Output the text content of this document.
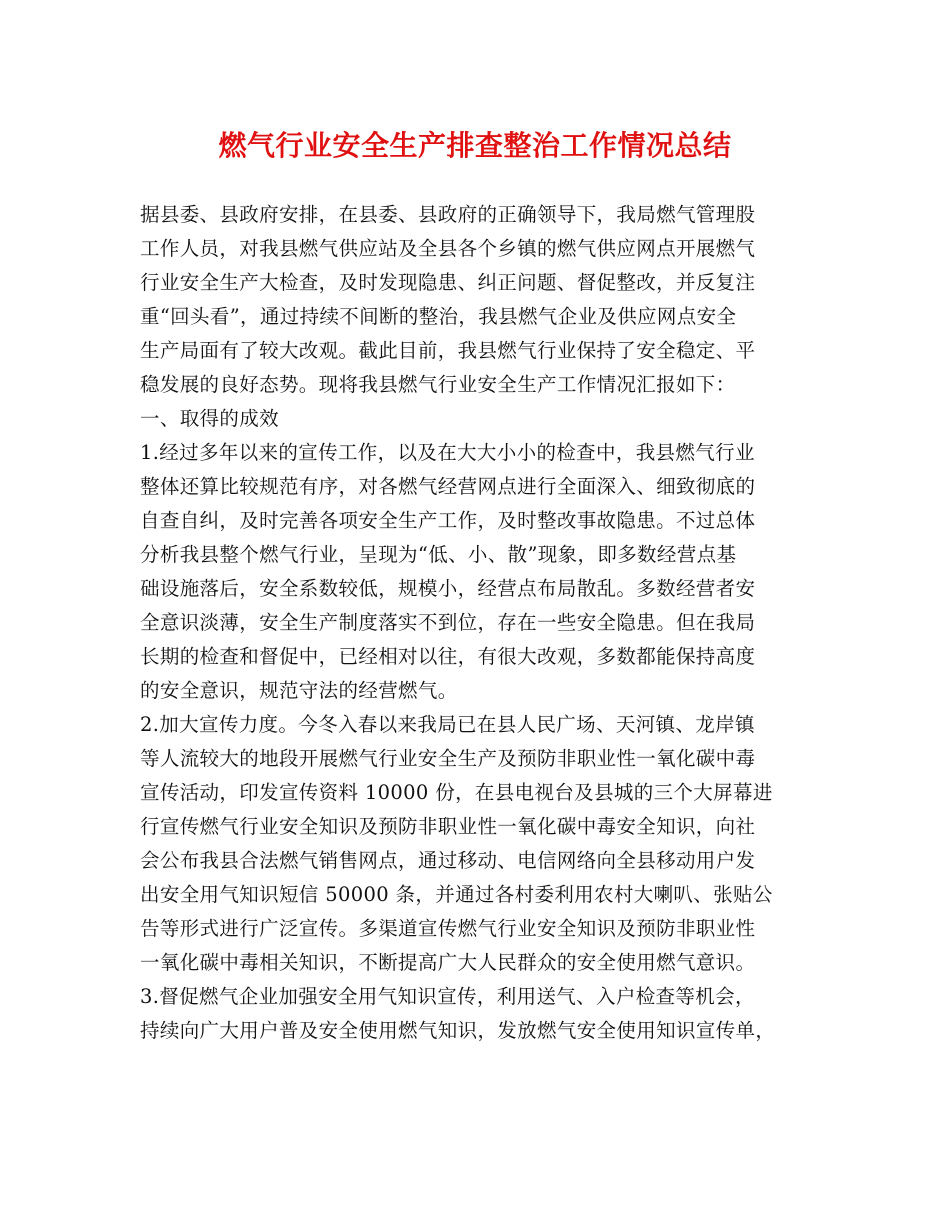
燃气行业安全生产排查整治工作情况总结
据县委、县政府安排，在县委、县政府的正确领导下，我局燃气管理股
工作人员，对我县燃气供应站及全县各个乡镇的燃气供应网点开展燃气
行业安全生产大检查，及时发现隐患、纠正问题、督促整改，并反复注
重“回头看”，通过持续不间断的整治，我县燃气企业及供应网点安全
生产局面有了较大改观。截此目前，我县燃气行业保持了安全稳定、平
稳发展的良好态势。现将我县燃气行业安全生产工作情况汇报如下：
一、取得的成效
1.经过多年以来的宣传工作，以及在大大小小的检查中，我县燃气行业
整体还算比较规范有序，对各燃气经营网点进行全面深入、细致彻底的
自查自纠，及时完善各项安全生产工作，及时整改事故隐患。不过总体
分析我县整个燃气行业，呈现为“低、小、散”现象，即多数经营点基
础设施落后，安全系数较低，规模小，经营点布局散乱。多数经营者安
全意识淡薄，安全生产制度落实不到位，存在一些安全隐患。但在我局
长期的检查和督促中，已经相对以往，有很大改观，多数都能保持高度
的安全意识，规范守法的经营燃气。
2.加大宣传力度。今冬入春以来我局已在县人民广场、天河镇、龙岸镇
等人流较大的地段开展燃气行业安全生产及预防非职业性一氧化碳中毒
宣传活动，印发宣传资料 10000 份，在县电视台及县城的三个大屏幕进
行宣传燃气行业安全知识及预防非职业性一氧化碳中毒安全知识，向社
会公布我县合法燃气销售网点，通过移动、电信网络向全县移动用户发
出安全用气知识短信 50000 条，并通过各村委利用农村大喇叭、张贴公
告等形式进行广泛宣传。多渠道宣传燃气行业安全知识及预防非职业性
一氧化碳中毒相关知识，不断提高广大人民群众的安全使用燃气意识。
3.督促燃气企业加强安全用气知识宣传，利用送气、入户检查等机会，
持续向广大用户普及安全使用燃气知识，发放燃气安全使用知识宣传单，
